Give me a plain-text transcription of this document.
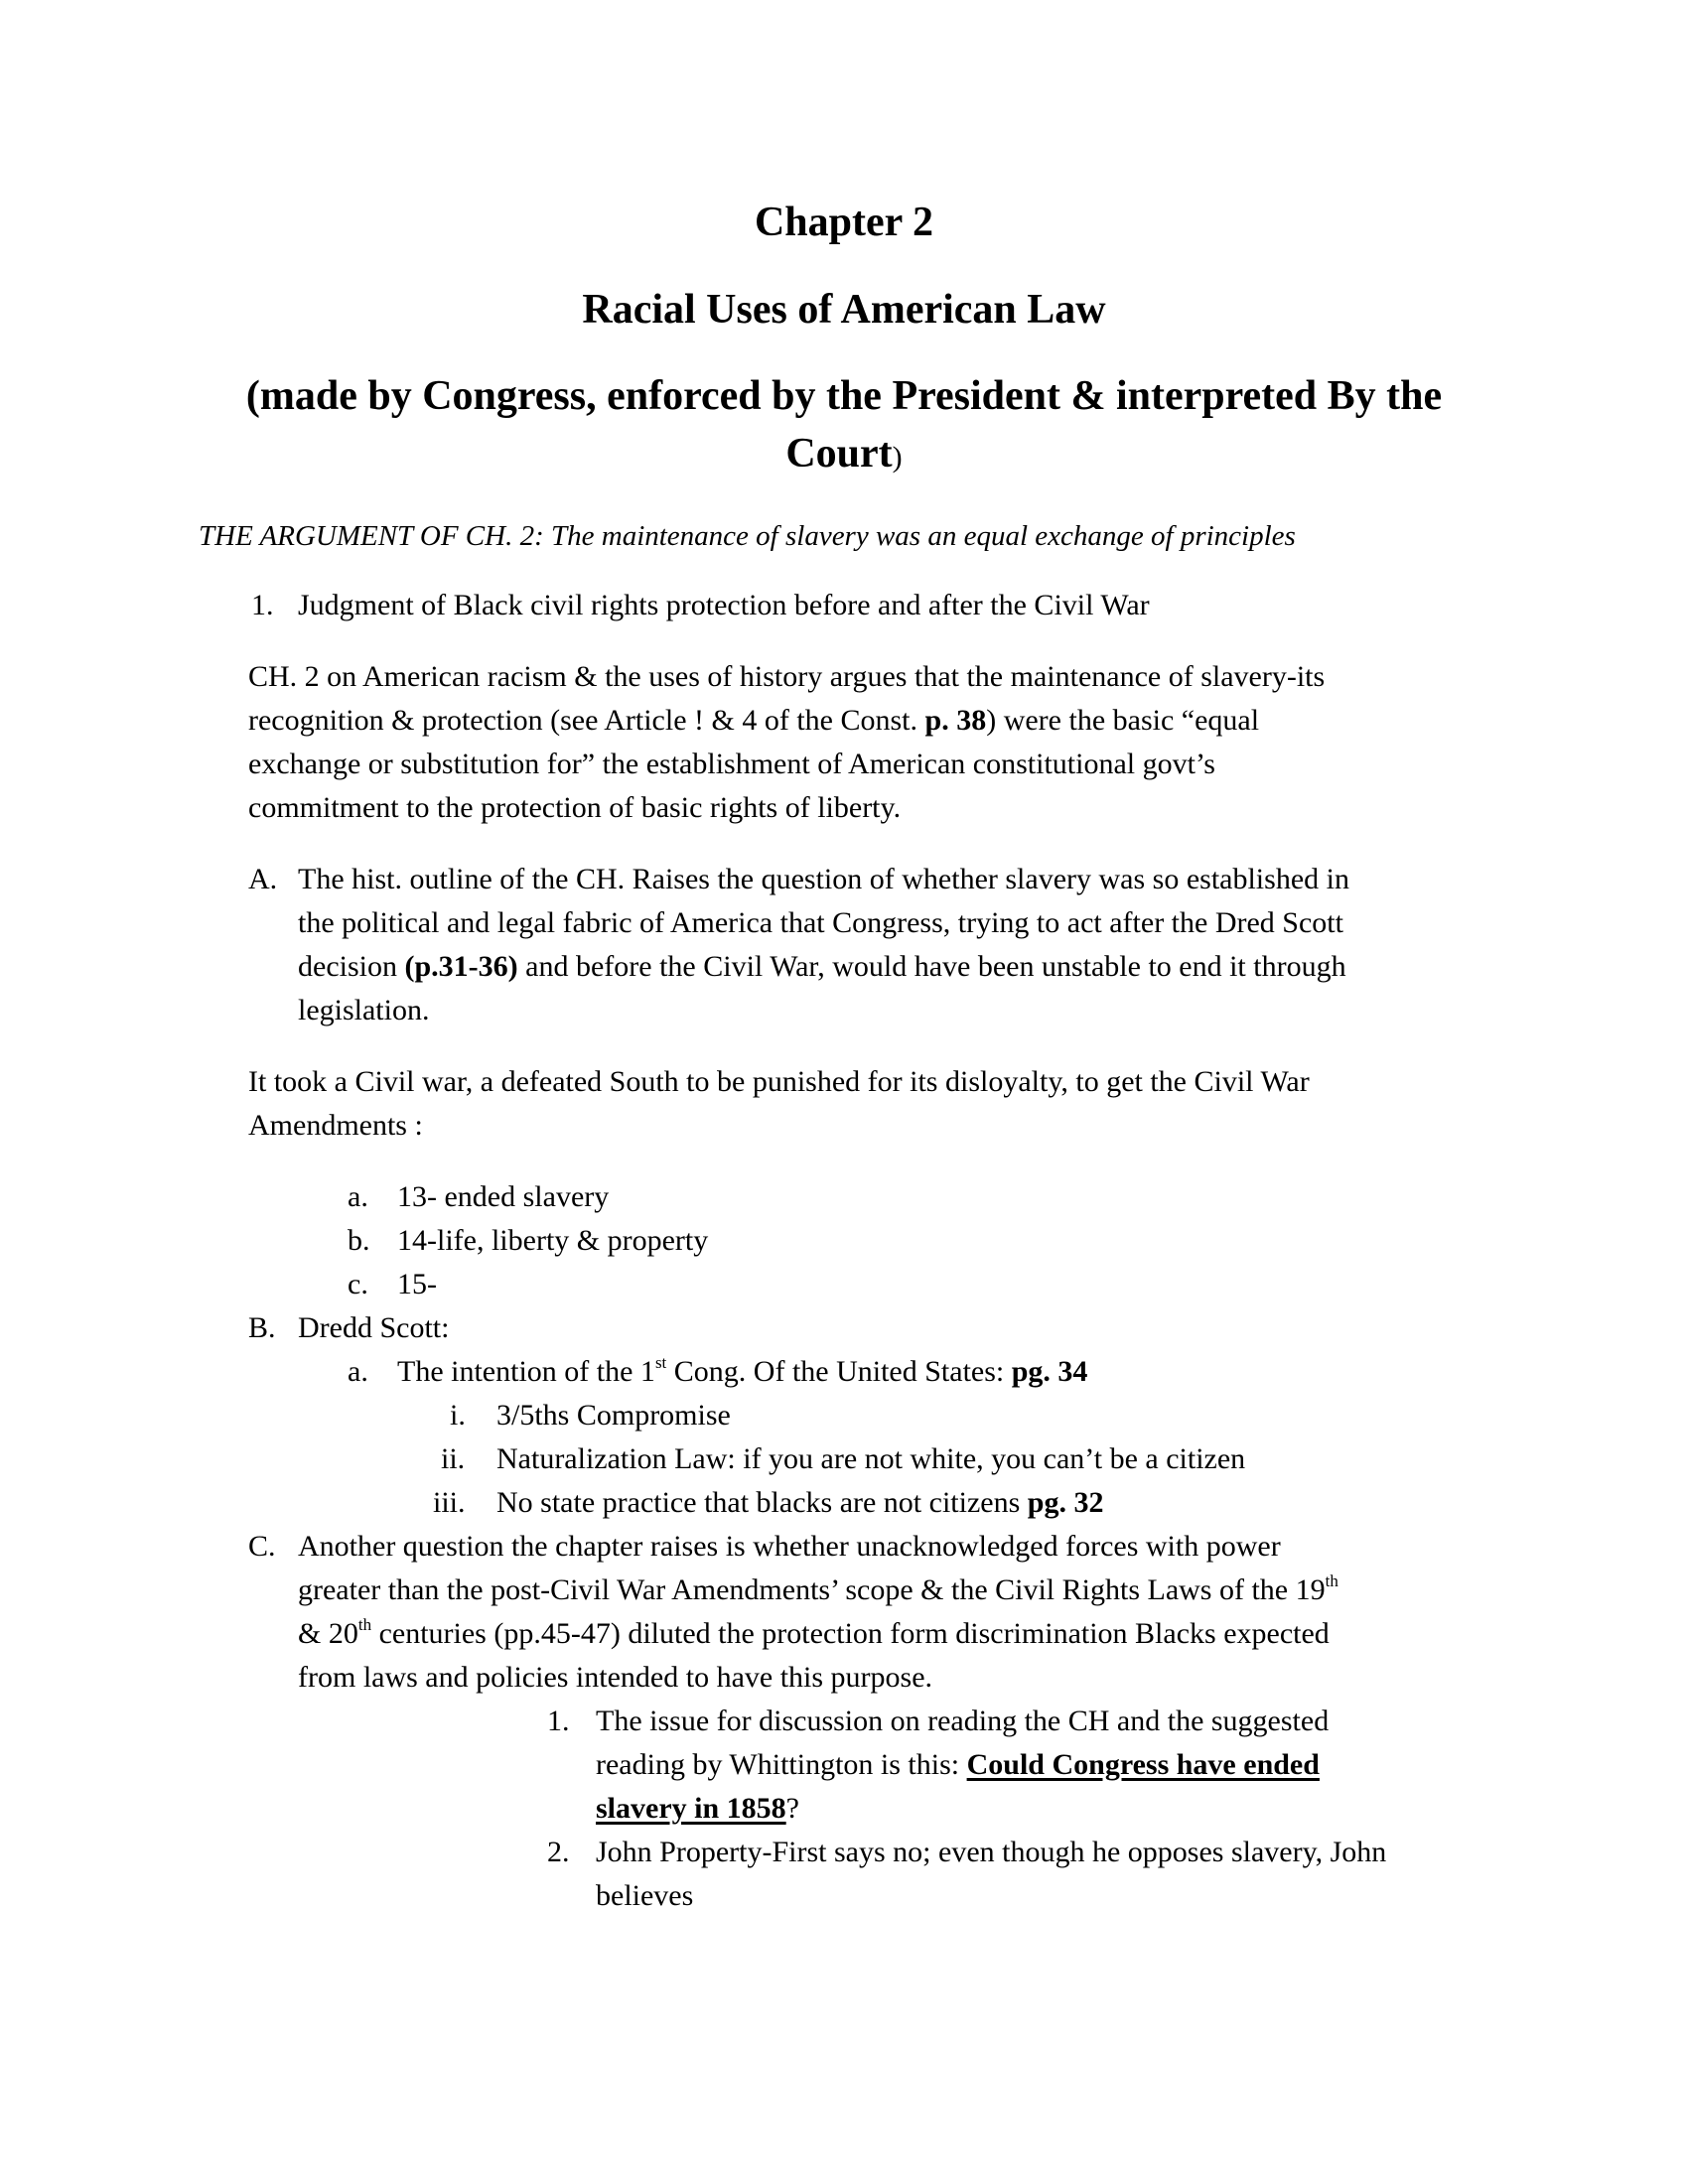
Chapter 2
Racial Uses of American Law
(made by Congress, enforced by the President & interpreted By the
Court)
THE ARGUMENT OF CH. 2: The maintenance of slavery was an equal exchange of principles
1. Judgment of Black civil rights protection before and after the Civil War
CH. 2 on American racism & the uses of history argues that the maintenance of slavery-its
recognition & protection (see Article ! & 4 of the Const. p. 38) were the basic “equal
exchange or substitution for” the establishment of American constitutional govt’s
commitment to the protection of basic rights of liberty.
A. The hist. outline of the CH. Raises the question of whether slavery was so established in
the political and legal fabric of America that Congress, trying to act after the Dred Scott
decision (p.31-36) and before the Civil War, would have been unstable to end it through
legislation.
It took a Civil war, a defeated South to be punished for its disloyalty, to get the Civil War
Amendments :
a. 13- ended slavery
b. 14-life, liberty & property
c. 15-
B. Dredd Scott:
a. The intention of the 1st Cong. Of the United States: pg. 34
i. 3/5ths Compromise
ii. Naturalization Law: if you are not white, you can’t be a citizen
iii. No state practice that blacks are not citizens pg. 32
C. Another question the chapter raises is whether unacknowledged forces with power
greater than the post-Civil War Amendments’ scope & the Civil Rights Laws of the 19th
& 20th centuries (pp.45-47) diluted the protection form discrimination Blacks expected
from laws and policies intended to have this purpose.
1. The issue for discussion on reading the CH and the suggested
reading by Whittington is this: Could Congress have ended
slavery in 1858?
2. John Property-First says no; even though he opposes slavery, John
believes
